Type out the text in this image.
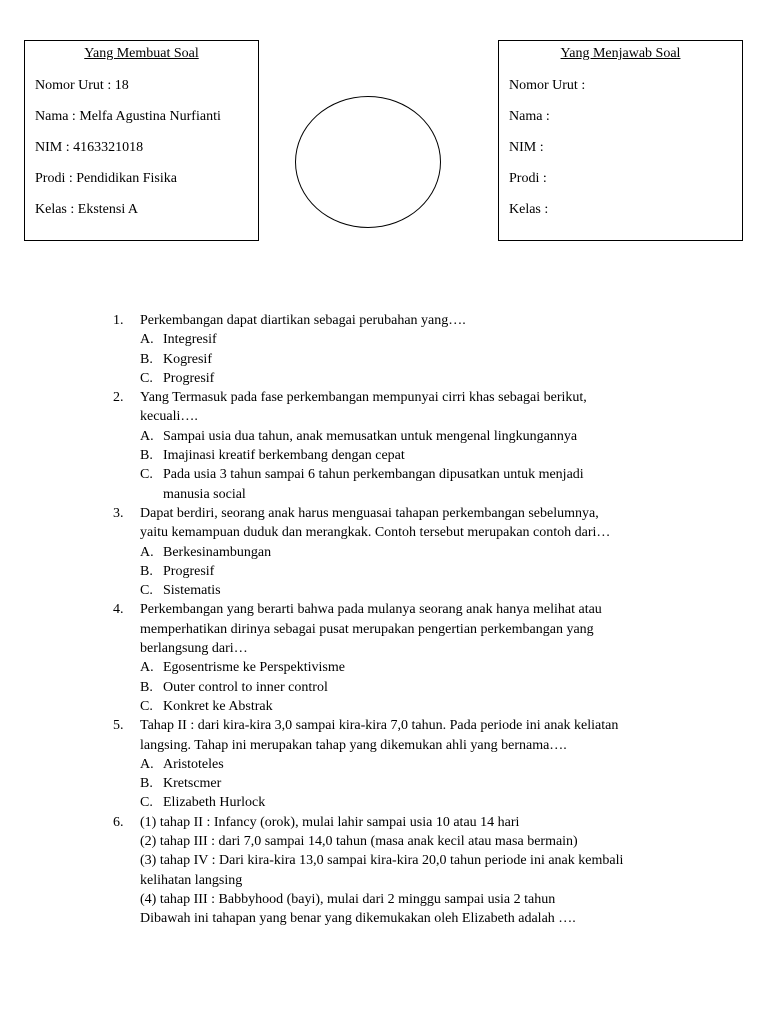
Yang Membuat Soal
Nomor Urut : 18
Nama : Melfa Agustina Nurfianti
NIM : 4163321018
Prodi : Pendidikan Fisika
Kelas : Ekstensi A
Yang Menjawab Soal
Nomor Urut :
Nama :
NIM :
Prodi :
Kelas :
1. Perkembangan dapat diartikan sebagai perubahan yang….
A. Integresif
B. Kogresif
C. Progresif
2. Yang Termasuk pada fase perkembangan mempunyai cirri khas sebagai berikut,
kecuali….
A. Sampai usia dua tahun, anak memusatkan untuk mengenal lingkungannya
B. Imajinasi kreatif berkembang dengan cepat
C. Pada usia 3 tahun sampai 6 tahun perkembangan dipusatkan untuk menjadi
manusia social
3. Dapat berdiri, seorang anak harus menguasai tahapan perkembangan sebelumnya,
yaitu kemampuan duduk dan merangkak. Contoh tersebut merupakan contoh dari…
A. Berkesinambungan
B. Progresif
C. Sistematis
4. Perkembangan yang berarti bahwa pada mulanya seorang anak hanya melihat atau
memperhatikan dirinya sebagai pusat merupakan pengertian perkembangan yang
berlangsung dari…
A. Egosentrisme ke Perspektivisme
B. Outer control to inner control
C. Konkret ke Abstrak
5. Tahap II : dari kira-kira 3,0 sampai kira-kira 7,0 tahun. Pada periode ini anak keliatan
langsing. Tahap ini merupakan tahap yang dikemukan ahli yang bernama….
A. Aristoteles
B. Kretscmer
C. Elizabeth Hurlock
6. (1) tahap II : Infancy (orok), mulai lahir sampai usia 10 atau 14 hari
(2) tahap III : dari 7,0 sampai 14,0 tahun (masa anak kecil atau masa bermain)
(3) tahap IV : Dari kira-kira 13,0 sampai kira-kira 20,0 tahun periode ini anak kembali
kelihatan langsing
(4) tahap III : Babbyhood (bayi), mulai dari 2 minggu sampai usia 2 tahun
Dibawah ini tahapan yang benar yang dikemukakan oleh Elizabeth adalah ….
